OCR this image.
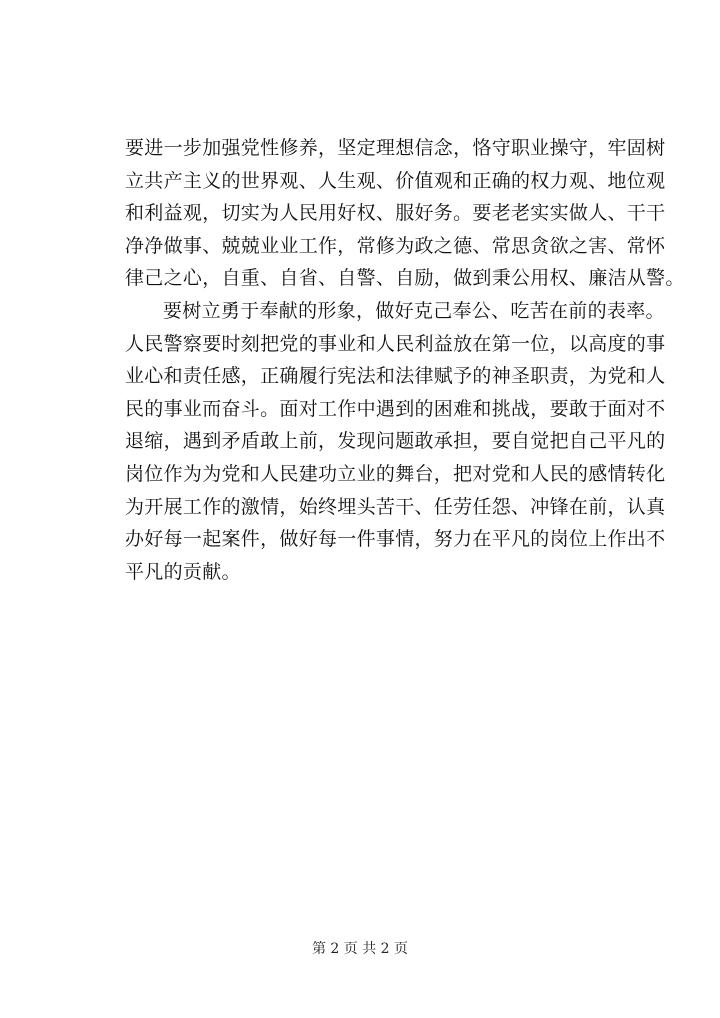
要进一步加强党性修养，坚定理想信念，恪守职业操守，牢固树
立共产主义的世界观、人生观、价值观和正确的权力观、地位观
和利益观，切实为人民用好权、服好务。要老老实实做人、干干
净净做事、兢兢业业工作，常修为政之德、常思贪欲之害、常怀
律己之心，自重、自省、自警、自励，做到秉公用权、廉洁从警。
要树立勇于奉献的形象，做好克己奉公、吃苦在前的表率。
人民警察要时刻把党的事业和人民利益放在第一位，以高度的事
业心和责任感，正确履行宪法和法律赋予的神圣职责，为党和人
民的事业而奋斗。面对工作中遇到的困难和挑战，要敢于面对不
退缩，遇到矛盾敢上前，发现问题敢承担，要自觉把自己平凡的
岗位作为为党和人民建功立业的舞台，把对党和人民的感情转化
为开展工作的激情，始终埋头苦干、任劳任怨、冲锋在前，认真
办好每一起案件，做好每一件事情，努力在平凡的岗位上作出不
平凡的贡献。
第 2 页 共 2 页
